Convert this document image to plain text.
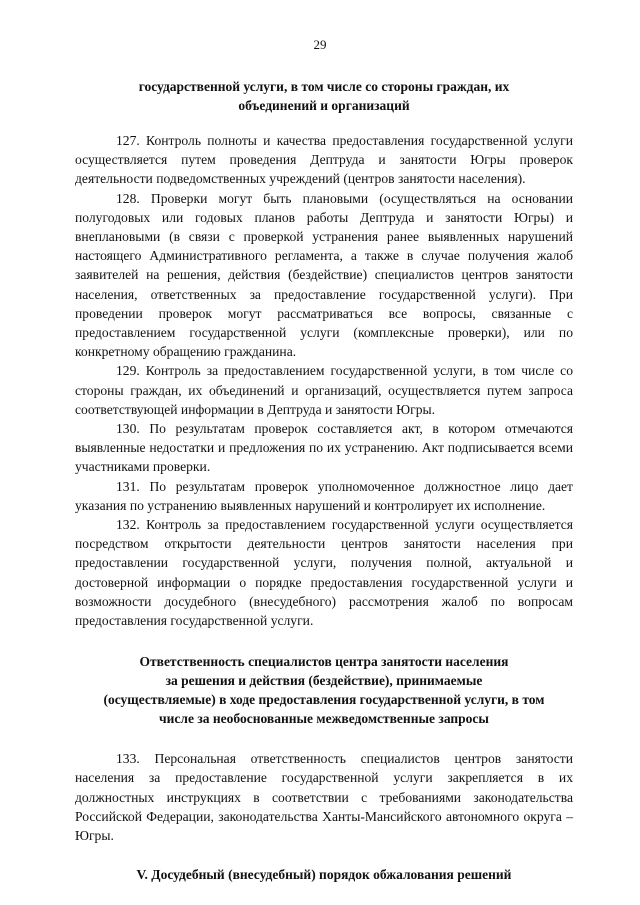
29
государственной услуги, в том числе со стороны граждан, их
объединений и организаций

127. Контроль полноты и качества предоставления государственной услуги осуществляется путем проведения Дептруда и занятости Югры проверок деятельности подведомственных учреждений (центров занятости населения).

128. Проверки могут быть плановыми (осуществляться на основании полугодовых или годовых планов работы Дептруда и занятости Югры) и внеплановыми (в связи с проверкой устранения ранее выявленных нарушений настоящего Административного регламента, а также в случае получения жалоб заявителей на решения, действия (бездействие) специалистов центров занятости населения, ответственных за предоставление государственной услуги). При проведении проверок могут рассматриваться все вопросы, связанные с предоставлением государственной услуги (комплексные проверки), или по конкретному обращению гражданина.

129. Контроль за предоставлением государственной услуги, в том числе со стороны граждан, их объединений и организаций, осуществляется путем запроса соответствующей информации в Дептруда и занятости Югры.

130. По результатам проверок составляется акт, в котором отмечаются выявленные недостатки и предложения по их устранению. Акт подписывается всеми участниками проверки.

131. По результатам проверок уполномоченное должностное лицо дает указания по устранению выявленных нарушений и контролирует их исполнение.

132. Контроль за предоставлением государственной услуги осуществляется посредством открытости деятельности центров занятости населения при предоставлении государственной услуги, получения полной, актуальной и достоверной информации о порядке предоставления государственной услуги и возможности досудебного (внесудебного) рассмотрения жалоб по вопросам предоставления государственной услуги.

Ответственность специалистов центра занятости населения
за решения и действия (бездействие), принимаемые
(осуществляемые) в ходе предоставления государственной услуги, в том
числе за необоснованные межведомственные запросы

133. Персональная ответственность специалистов центров занятости населения за предоставление государственной услуги закрепляется в их должностных инструкциях в соответствии с требованиями законодательства Российской Федерации, законодательства Ханты-Мансийского автономного округа – Югры.

V. Досудебный (внесудебный) порядок обжалования решений
